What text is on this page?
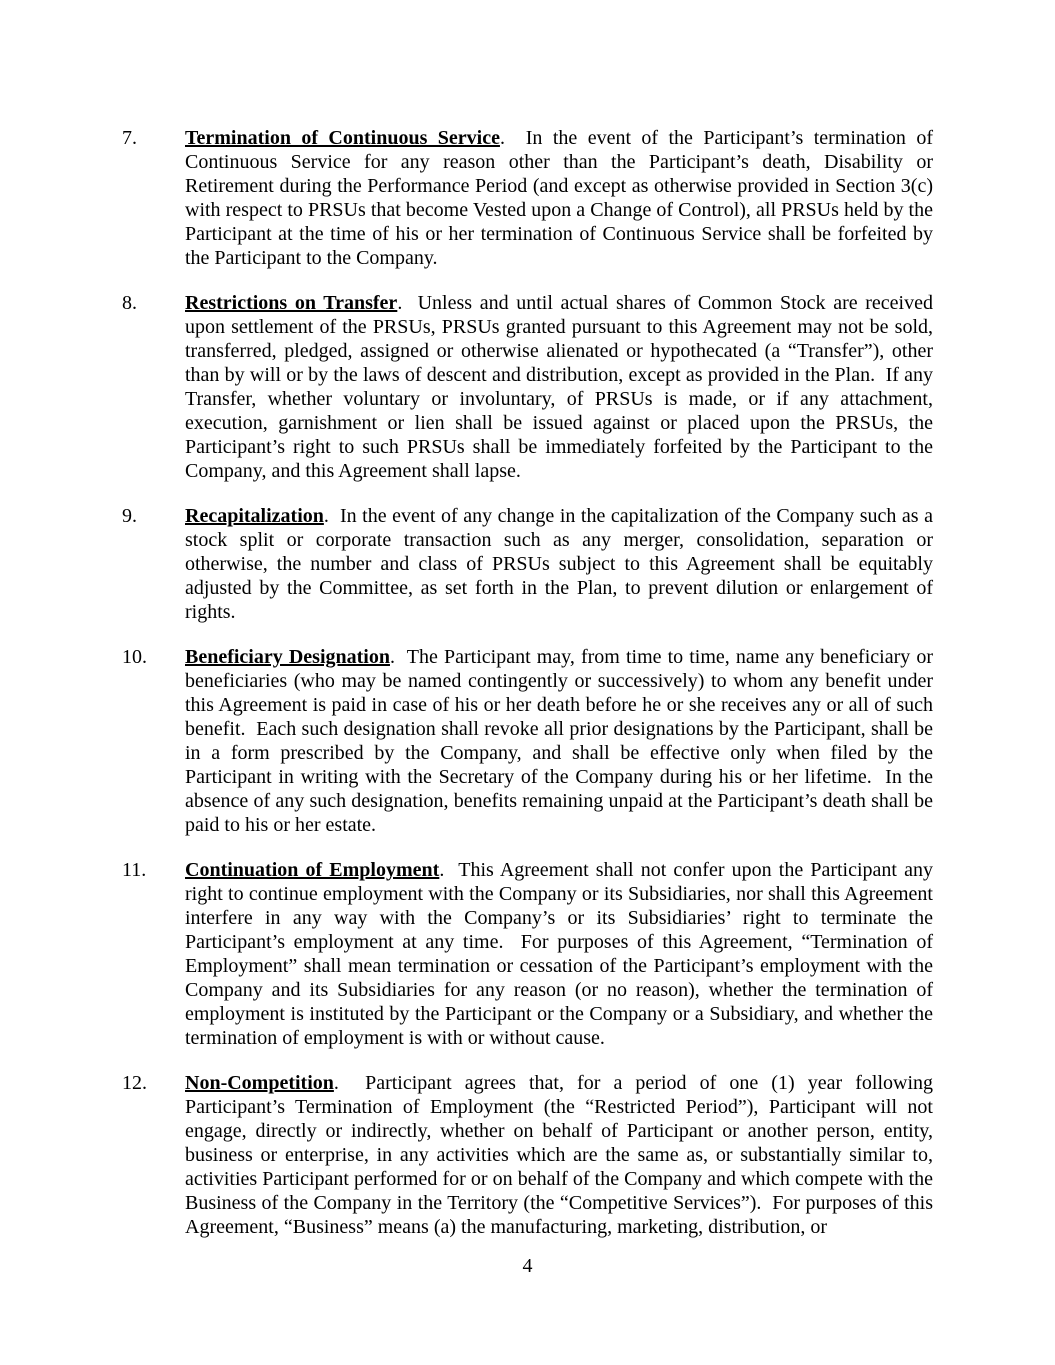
7.	Termination of Continuous Service.  In the event of the Participant’s termination of Continuous Service for any reason other than the Participant’s death, Disability or Retirement during the Performance Period (and except as otherwise provided in Section 3(c) with respect to PRSUs that become Vested upon a Change of Control), all PRSUs held by the Participant at the time of his or her termination of Continuous Service shall be forfeited by the Participant to the Company.
8.	Restrictions on Transfer.  Unless and until actual shares of Common Stock are received upon settlement of the PRSUs, PRSUs granted pursuant to this Agreement may not be sold, transferred, pledged, assigned or otherwise alienated or hypothecated (a “Transfer”), other than by will or by the laws of descent and distribution, except as provided in the Plan.  If any Transfer, whether voluntary or involuntary, of PRSUs is made, or if any attachment, execution, garnishment or lien shall be issued against or placed upon the PRSUs, the Participant’s right to such PRSUs shall be immediately forfeited by the Participant to the Company, and this Agreement shall lapse.
9.	Recapitalization.  In the event of any change in the capitalization of the Company such as a stock split or corporate transaction such as any merger, consolidation, separation or otherwise, the number and class of PRSUs subject to this Agreement shall be equitably adjusted by the Committee, as set forth in the Plan, to prevent dilution or enlargement of rights.
10.	Beneficiary Designation.  The Participant may, from time to time, name any beneficiary or beneficiaries (who may be named contingently or successively) to whom any benefit under this Agreement is paid in case of his or her death before he or she receives any or all of such benefit.  Each such designation shall revoke all prior designations by the Participant, shall be in a form prescribed by the Company, and shall be effective only when filed by the Participant in writing with the Secretary of the Company during his or her lifetime.  In the absence of any such designation, benefits remaining unpaid at the Participant’s death shall be paid to his or her estate.
11.	Continuation of Employment.  This Agreement shall not confer upon the Participant any right to continue employment with the Company or its Subsidiaries, nor shall this Agreement interfere in any way with the Company’s or its Subsidiaries’ right to terminate the Participant’s employment at any time.  For purposes of this Agreement, “Termination of Employment” shall mean termination or cessation of the Participant’s employment with the Company and its Subsidiaries for any reason (or no reason), whether the termination of employment is instituted by the Participant or the Company or a Subsidiary, and whether the termination of employment is with or without cause.
12.	Non-Competition.  Participant agrees that, for a period of one (1) year following Participant’s Termination of Employment (the “Restricted Period”), Participant will not engage, directly or indirectly, whether on behalf of Participant or another person, entity, business or enterprise, in any activities which are the same as, or substantially similar to, activities Participant performed for or on behalf of the Company and which compete with the Business of the Company in the Territory (the “Competitive Services”).  For purposes of this Agreement, “Business” means (a) the manufacturing, marketing, distribution, or
4
